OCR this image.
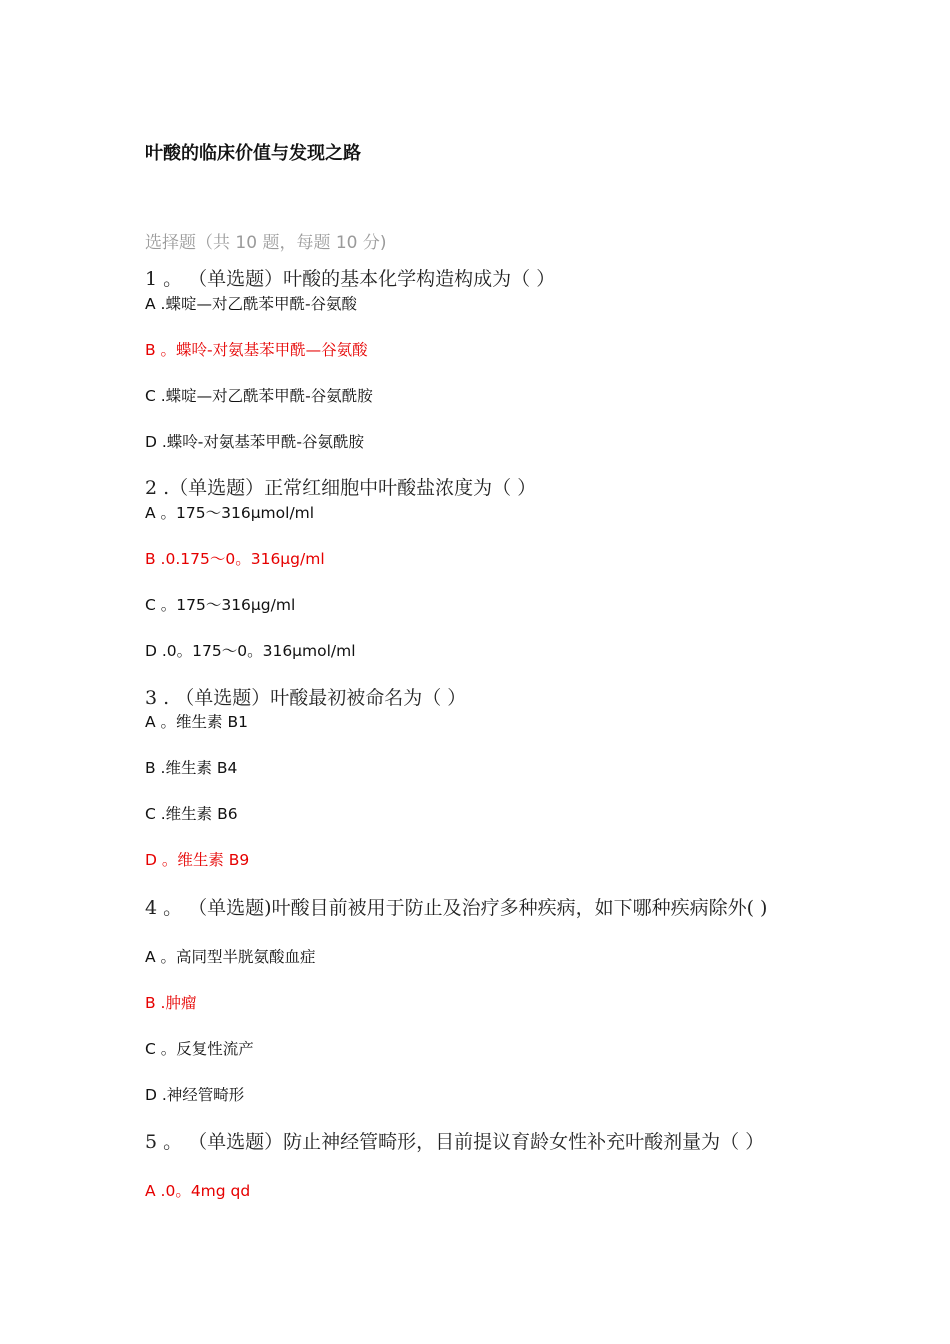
叶酸的临床价值与发现之路
选择题（共 10 题，每题 10 分)
1 。 （单选题）叶酸的基本化学构造构成为（ ）
A .蝶啶—对乙酰苯甲酰-谷氨酸
B 。蝶呤-对氨基苯甲酰—谷氨酸
C .蝶啶—对乙酰苯甲酰-谷氨酰胺
D .蝶呤-对氨基苯甲酰-谷氨酰胺
2 .（单选题）正常红细胞中叶酸盐浓度为（ ）
A 。175～316μmol/ml
B .0.175～0。316μg/ml
C 。175～316μg/ml
D .0。175～0。316μmol/ml
3 . （单选题）叶酸最初被命名为（ ）
A 。维生素 B1
B .维生素 B4
C .维生素 B6
D 。维生素 B9
4 。 （单选题)叶酸目前被用于防止及治疗多种疾病，如下哪种疾病除外( )
A 。高同型半胱氨酸血症
B .肿瘤
C 。反复性流产
D .神经管畸形
5 。 （单选题）防止神经管畸形，目前提议育龄女性补充叶酸剂量为（ ）
A .0。4mg qd
